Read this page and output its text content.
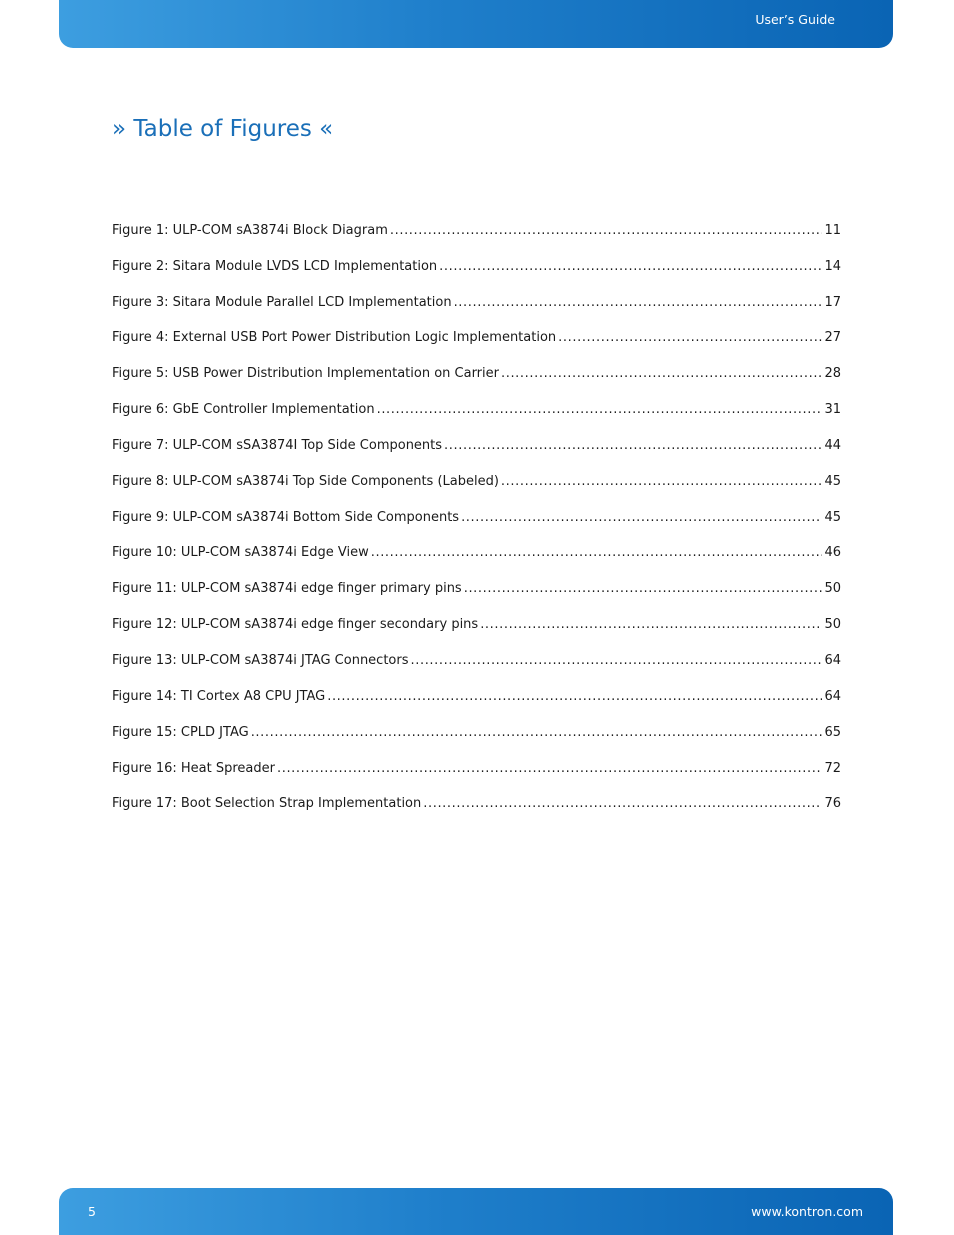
User’s Guide
» Table of Figures «
Figure 1: ULP-COM sA3874i Block Diagram .....	11
Figure 2: Sitara Module LVDS LCD Implementation .....	14
Figure 3: Sitara Module Parallel LCD Implementation .....	17
Figure 4: External USB Port Power Distribution Logic Implementation .....	27
Figure 5: USB Power Distribution Implementation on Carrier .....	28
Figure 6: GbE Controller Implementation .....	31
Figure 7: ULP-COM sSA3874I Top Side Components .....	44
Figure 8: ULP-COM sA3874i Top Side Components (Labeled) .....	45
Figure 9: ULP-COM sA3874i Bottom Side Components .....	45
Figure 10: ULP-COM sA3874i Edge View .....	46
Figure 11: ULP-COM sA3874i edge finger primary pins .....	50
Figure 12: ULP-COM sA3874i edge finger secondary pins .....	50
Figure 13: ULP-COM sA3874i JTAG Connectors .....	64
Figure 14: TI Cortex A8 CPU JTAG .....	64
Figure 15: CPLD JTAG .....	65
Figure 16: Heat Spreader .....	72
Figure 17: Boot Selection Strap Implementation .....	76
5	www.kontron.com
